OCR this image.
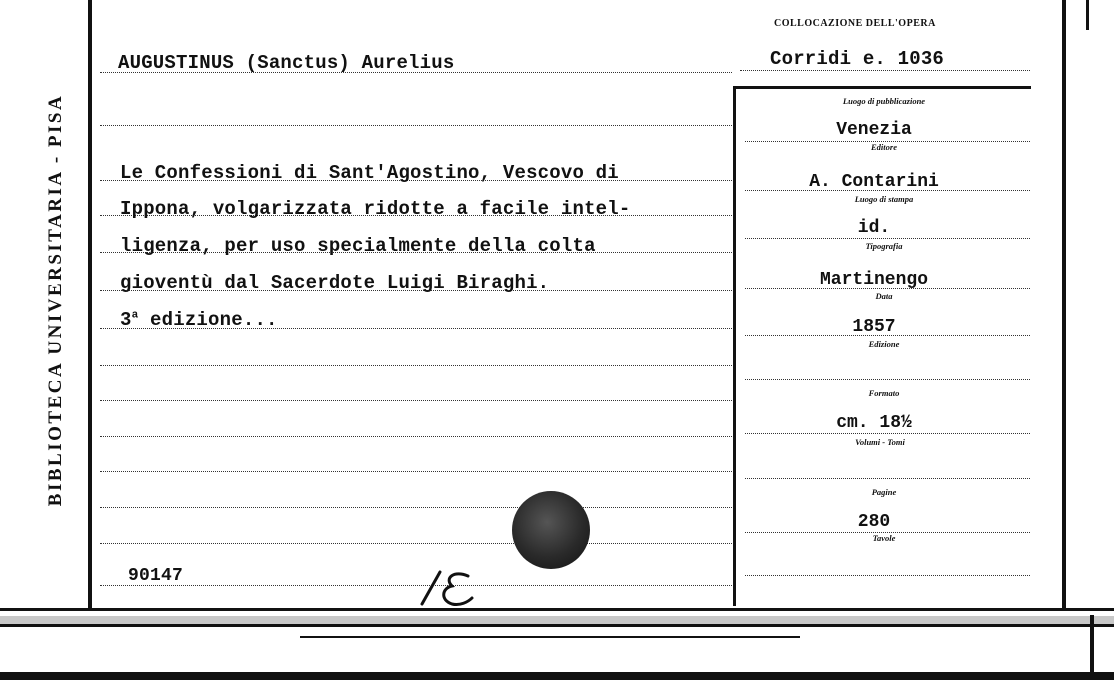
BIBLIOTECA UNIVERSITARIA - PISA
COLLOCAZIONE DELL'OPERA
Corridi e. 1036
AUGUSTINUS (Sanctus) Aurelius
Le Confessioni di Sant'Agostino, Vescovo di
Ippona, volgarizzata ridotte a facile intel-
ligenza, per uso specialmente della colta
gioventù dal Sacerdote Luigi Biraghi.
3$^a$ edizione...
90147
Luogo di pubblicazione
Venezia
Editore
A. Contarini
Luogo di stampa
id.
Tipografia
Martinengo
Data
1857
Edizione
Formato
cm. 18½
Volumi - Tomi
Pagine
280
Tavole
